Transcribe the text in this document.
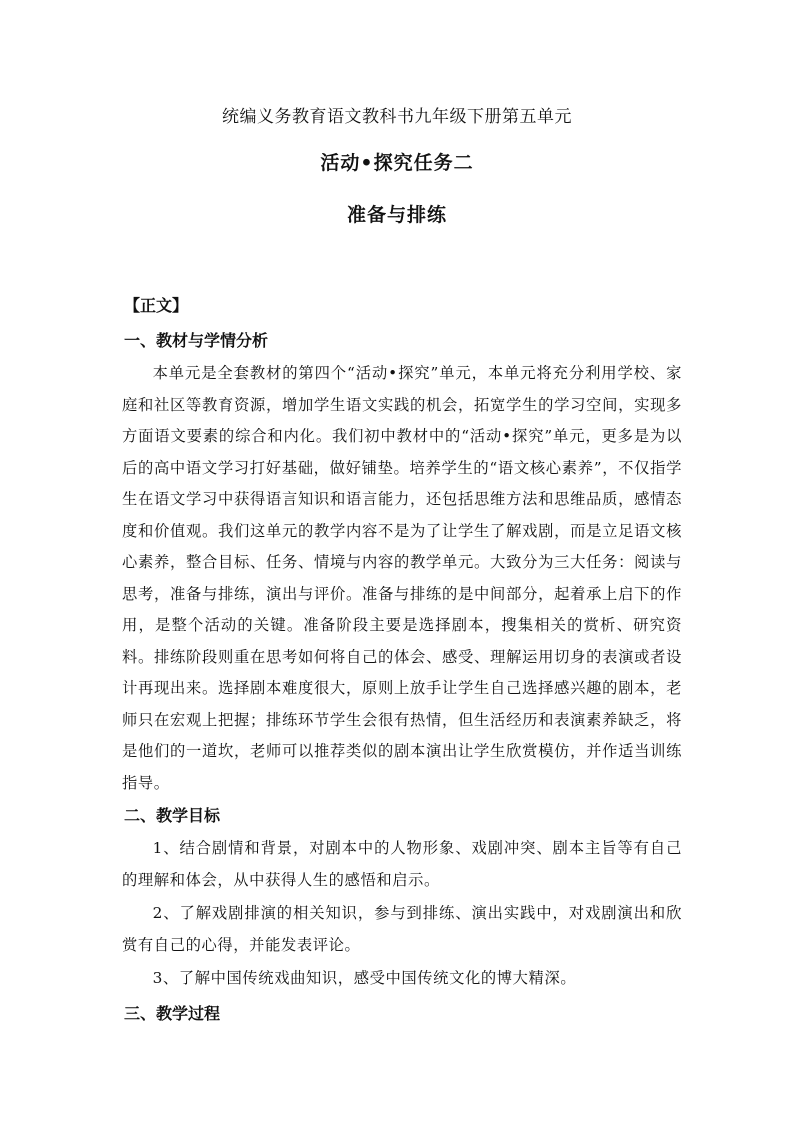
统编义务教育语文教科书九年级下册第五单元
活动•探究任务二
准备与排练
【正文】
一、教材与学情分析

本单元是全套教材的第四个“活动•探究”单元，本单元将充分利用学校、家庭和社区等教育资源，增加学生语文实践的机会，拓宽学生的学习空间，实现多方面语文要素的综合和内化。我们初中教材中的“活动•探究”单元，更多是为以后的高中语文学习打好基础，做好铺垫。培养学生的“语文核心素养”，不仅指学生在语文学习中获得语言知识和语言能力，还包括思维方法和思维品质，感情态度和价值观。我们这单元的教学内容不是为了让学生了解戏剧，而是立足语文核心素养，整合目标、任务、情境与内容的教学单元。大致分为三大任务：阅读与思考，准备与排练，演出与评价。准备与排练的是中间部分，起着承上启下的作用，是整个活动的关键。准备阶段主要是选择剧本，搜集相关的赏析、研究资料。排练阶段则重在思考如何将自己的体会、感受、理解运用切身的表演或者设计再现出来。选择剧本难度很大，原则上放手让学生自己选择感兴趣的剧本，老师只在宏观上把握；排练环节学生会很有热情，但生活经历和表演素养缺乏，将是他们的一道坎，老师可以推荐类似的剧本演出让学生欣赏模仿，并作适当训练指导。

二、教学目标

1、结合剧情和背景，对剧本中的人物形象、戏剧冲突、剧本主旨等有自己的理解和体会，从中获得人生的感悟和启示。

2、了解戏剧排演的相关知识，参与到排练、演出实践中，对戏剧演出和欣赏有自己的心得，并能发表评论。

3、了解中国传统戏曲知识，感受中国传统文化的博大精深。

三、教学过程
